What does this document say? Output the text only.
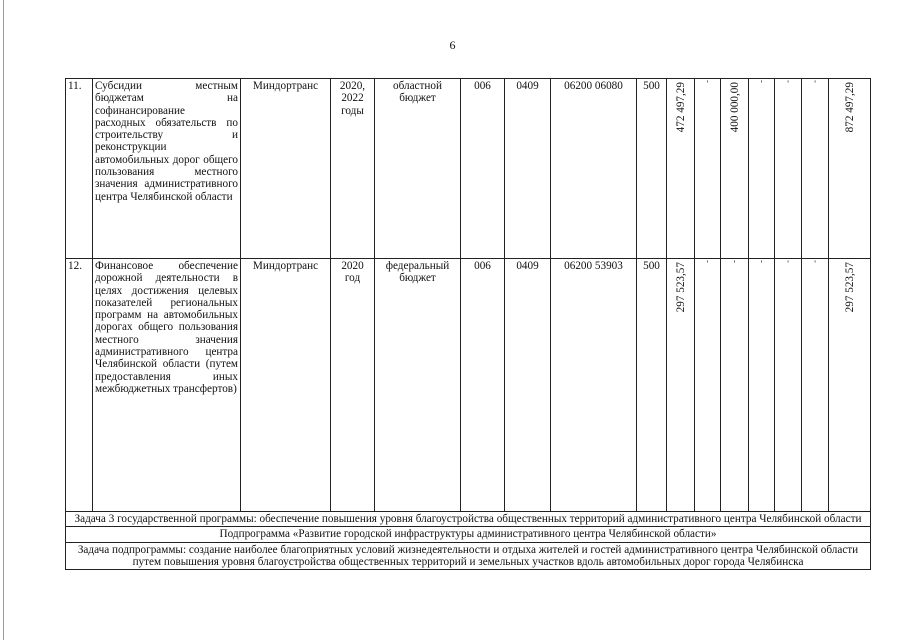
6
11.	Субсидии местным бюджетам на софинансирование расходных обязательств по строительству и реконструкции автомобильных дорог общего пользования местного значения административного центра Челябинской области	Миндортранс	2020, 2022 годы	областной бюджет	006	0409	06200 06080	500	472 497,29	'	400 000,00	'	'	'	872 497,29

12.	Финансовое обеспечение дорожной деятельности в целях достижения целевых показателей региональных программ на автомобильных дорогах общего пользования местного значения административного центра Челябинской области (путем предоставления иных межбюджетных трансфертов)	Миндортранс	2020 год	федеральный бюджет	006	0409	06200 53903	500	297 523,57	'	'	'	'	'	297 523,57

Задача 3 государственной программы: обеспечение повышения уровня благоустройства общественных территорий административного центра Челябинской области															
Подпрограмма «Развитие городской инфраструктуры административного центра Челябинской области»															
Задача подпрограммы: создание наиболее благоприятных условий жизнедеятельности и отдыха жителей и гостей административного центра Челябинской области путем повышения уровня благоустройства общественных территорий и земельных участков вдоль автомобильных дорог города Челябинска															
